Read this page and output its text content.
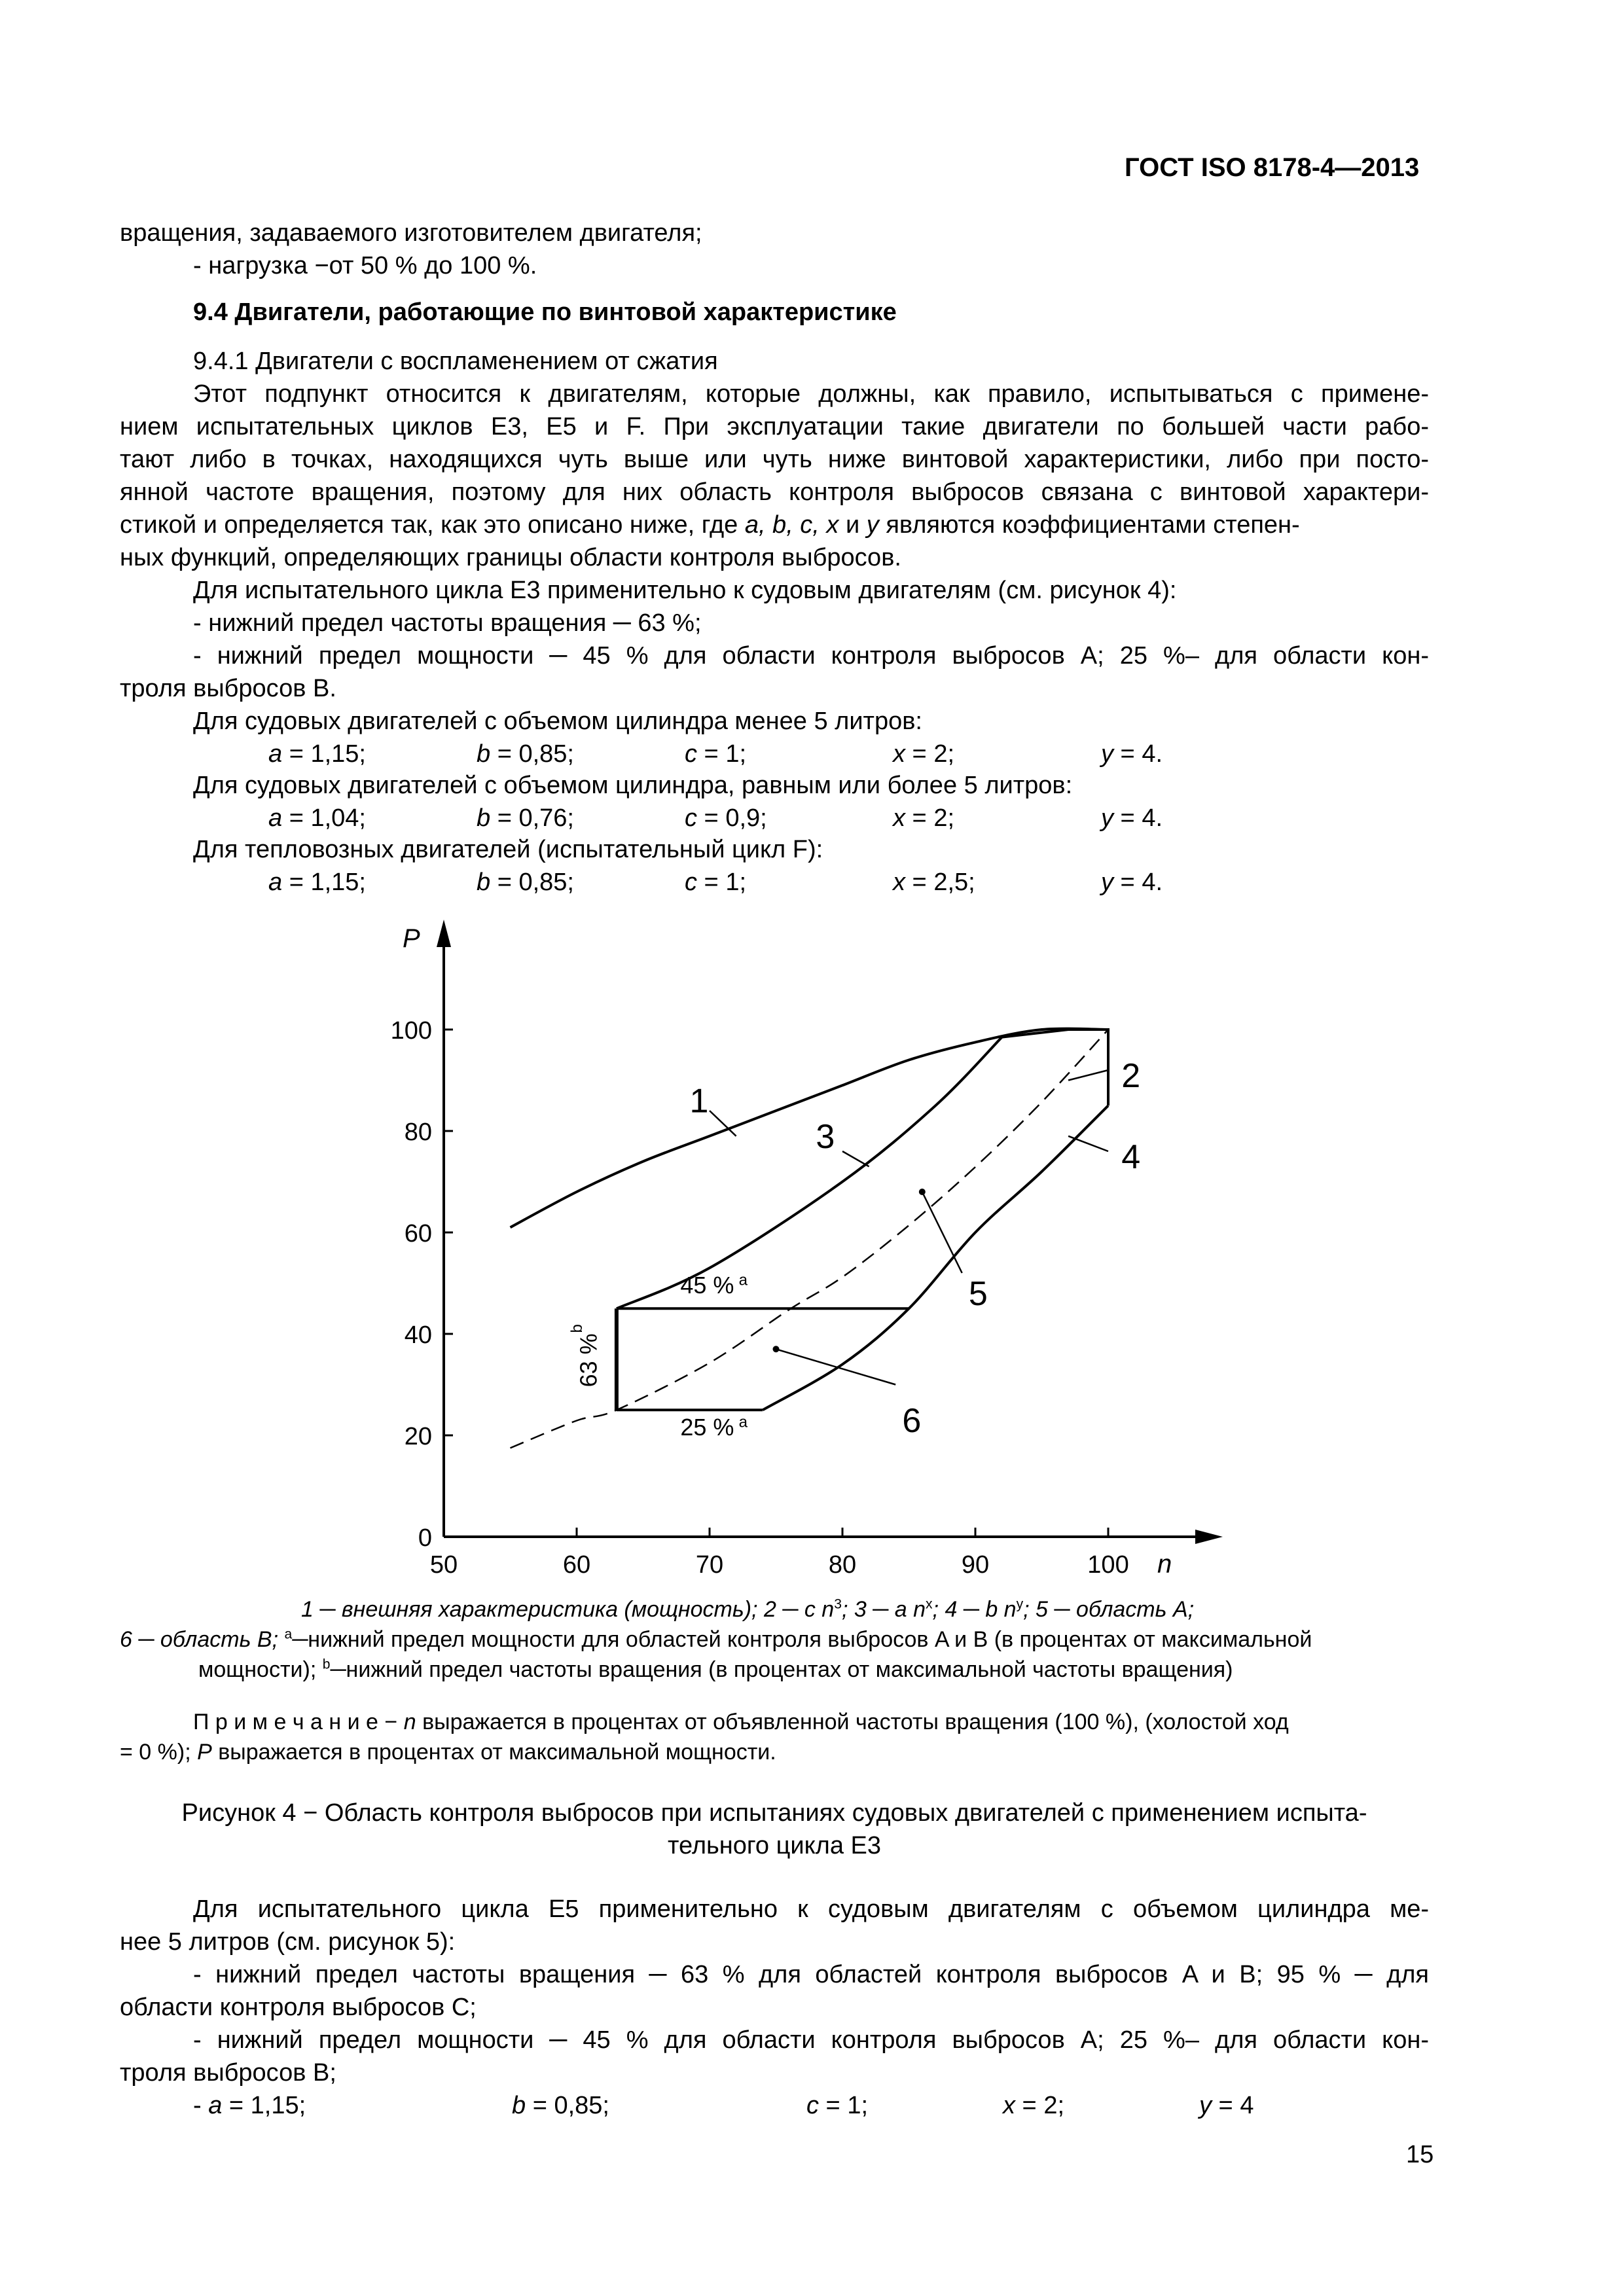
ГОСТ ISO 8178-4—2013
вращения, задаваемого изготовителем двигателя;
- нагрузка −от 50 % до 100 %.
9.4 Двигатели, работающие по винтовой характеристике
9.4.1 Двигатели с воспламенением от сжатия
Этот подпункт относится к двигателям, которые должны, как правило, испытываться с примене-
нием испытательных циклов E3, E5 и F. При эксплуатации такие двигатели по большей части рабо-
тают либо в точках, находящихся чуть выше или чуть ниже винтовой характеристики, либо при посто-
янной частоте вращения, поэтому для них область контроля выбросов связана с винтовой характери-
стикой и определяется так, как это описано ниже, где a, b, c, x и y являются коэффициентами степен-
ных функций, определяющих границы области контроля выбросов.
Для испытательного цикла E3 применительно к судовым двигателям (см. рисунок 4):
- нижний предел частоты вращения ─ 63 %;
- нижний предел мощности ─ 45 % для области контроля выбросов A; 25 %– для области кон-
троля выбросов B.
Для судовых двигателей с объемом цилиндра менее 5 литров:
a = 1,15;	b = 0,85;	c = 1;	x = 2;	y = 4.
Для судовых двигателей с объемом цилиндра, равным или более 5 литров:
a = 1,04;	b = 0,76;	c = 0,9;	x = 2;	y = 4.
Для тепловозных двигателей (испытательный цикл F):
a = 1,15;	b = 0,85;	c = 1;	x = 2,5;	y = 4.
P
n
0
20
40
60
80
100
50	60	70	80	90	100
1
2
3
4
5
6
45 % a
25 % a
63 %
b
1 ─ внешняя характеристика (мощность); 2 ─ c $n^3$; 3 ─ a $n^x$; 4 ─ b $n^y$; 5 ─ область A;
6 ─ область B; $^a$─нижний предел мощности для областей контроля выбросов A и B (в процентах от максимальной
мощности); $^b$─нижний предел частоты вращения (в процентах от максимальной частоты вращения)
П р и м е ч а н и е − n выражается в процентах от объявленной частоты вращения (100 %), (холостой ход
= 0 %); P выражается в процентах от максимальной мощности.
Рисунок 4 − Область контроля выбросов при испытаниях судовых двигателей с применением испыта-
тельного цикла E3
Для испытательного цикла E5 применительно к судовым двигателям с объемом цилиндра ме-
нее 5 литров (см. рисунок 5):
- нижний предел частоты вращения ─ 63 % для областей контроля выбросов A и B; 95 % ─ для
области контроля выбросов C;
- нижний предел мощности ─ 45 % для области контроля выбросов A; 25 %– для области кон-
троля выбросов B;
- a = 1,15;	b = 0,85;	c = 1;	x = 2;	y = 4
15
